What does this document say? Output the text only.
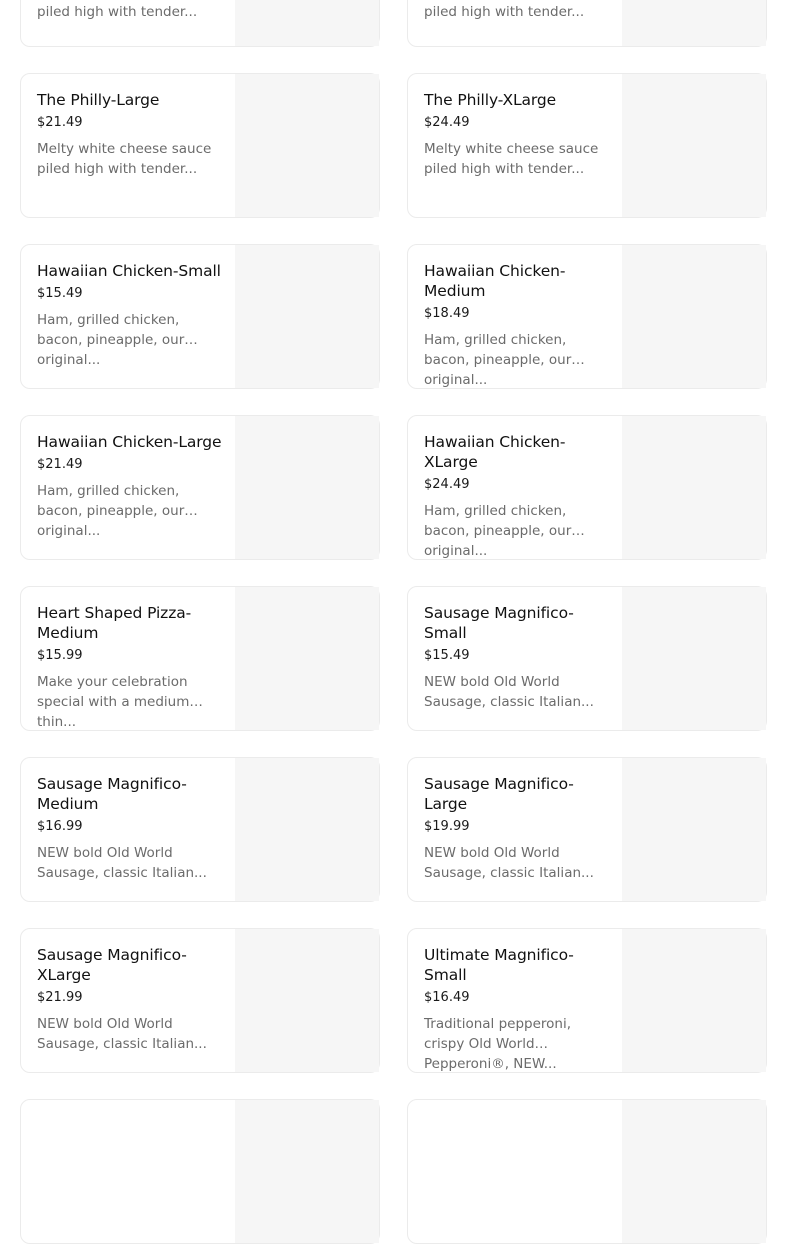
piled high with tender...	piled high with tender...
The Philly-Large
$21.49
Melty white cheese sauce piled high with tender...
The Philly-XLarge
$24.49
Melty white cheese sauce piled high with tender...
Hawaiian Chicken-Small
$15.49
Ham, grilled chicken, bacon, pineapple, our original...
Hawaiian Chicken-Medium
$18.49
Ham, grilled chicken, bacon, pineapple, our original...
Hawaiian Chicken-Large
$21.49
Ham, grilled chicken, bacon, pineapple, our original...
Hawaiian Chicken-XLarge
$24.49
Ham, grilled chicken, bacon, pineapple, our original...
Heart Shaped Pizza-Medium
$15.99
Make your celebration special with a medium thin...
Sausage Magnifico-Small
$15.49
NEW bold Old World Sausage, classic Italian...
Sausage Magnifico-Medium
$16.99
NEW bold Old World Sausage, classic Italian...
Sausage Magnifico-Large
$19.99
NEW bold Old World Sausage, classic Italian...
Sausage Magnifico-XLarge
$21.99
NEW bold Old World Sausage, classic Italian...
Ultimate Magnifico-Small
$16.49
Traditional pepperoni, crispy Old World Pepperoni®, NEW...
